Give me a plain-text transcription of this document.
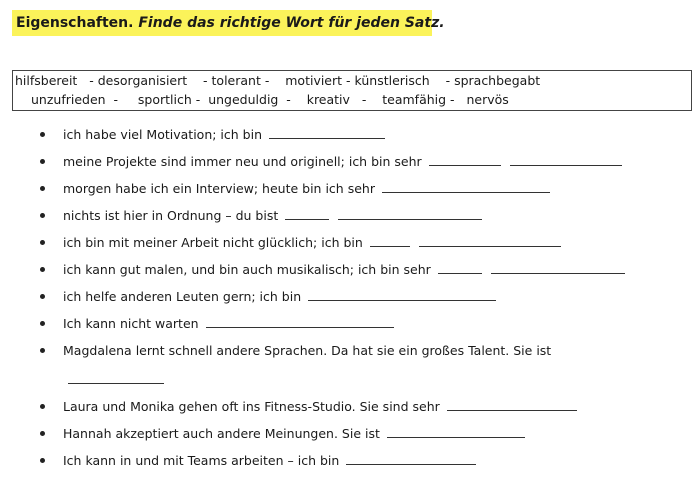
Eigenschaften. Finde das richtige Wort für jeden Satz.
hilfsbereit   - desorganisiert    - tolerant -    motiviert - künstlerisch    - sprachbegabt
unzufrieden  -     sportlich -  ungeduldig  -    kreativ   -    teamfähig -   nervös
ich habe viel Motivation; ich bin
meine Projekte sind immer neu und originell; ich bin sehr
morgen habe ich ein Interview; heute bin ich sehr
nichts ist hier in Ordnung – du bist
ich bin mit meiner Arbeit nicht glücklich; ich bin
ich kann gut malen, und bin auch musikalisch; ich bin sehr
ich helfe anderen Leuten gern; ich bin
Ich kann nicht warten
Magdalena lernt schnell andere Sprachen. Da hat sie ein großes Talent. Sie ist
Laura und Monika gehen oft ins Fitness-Studio. Sie sind sehr
Hannah akzeptiert auch andere Meinungen. Sie ist
Ich kann in und mit Teams arbeiten – ich bin
